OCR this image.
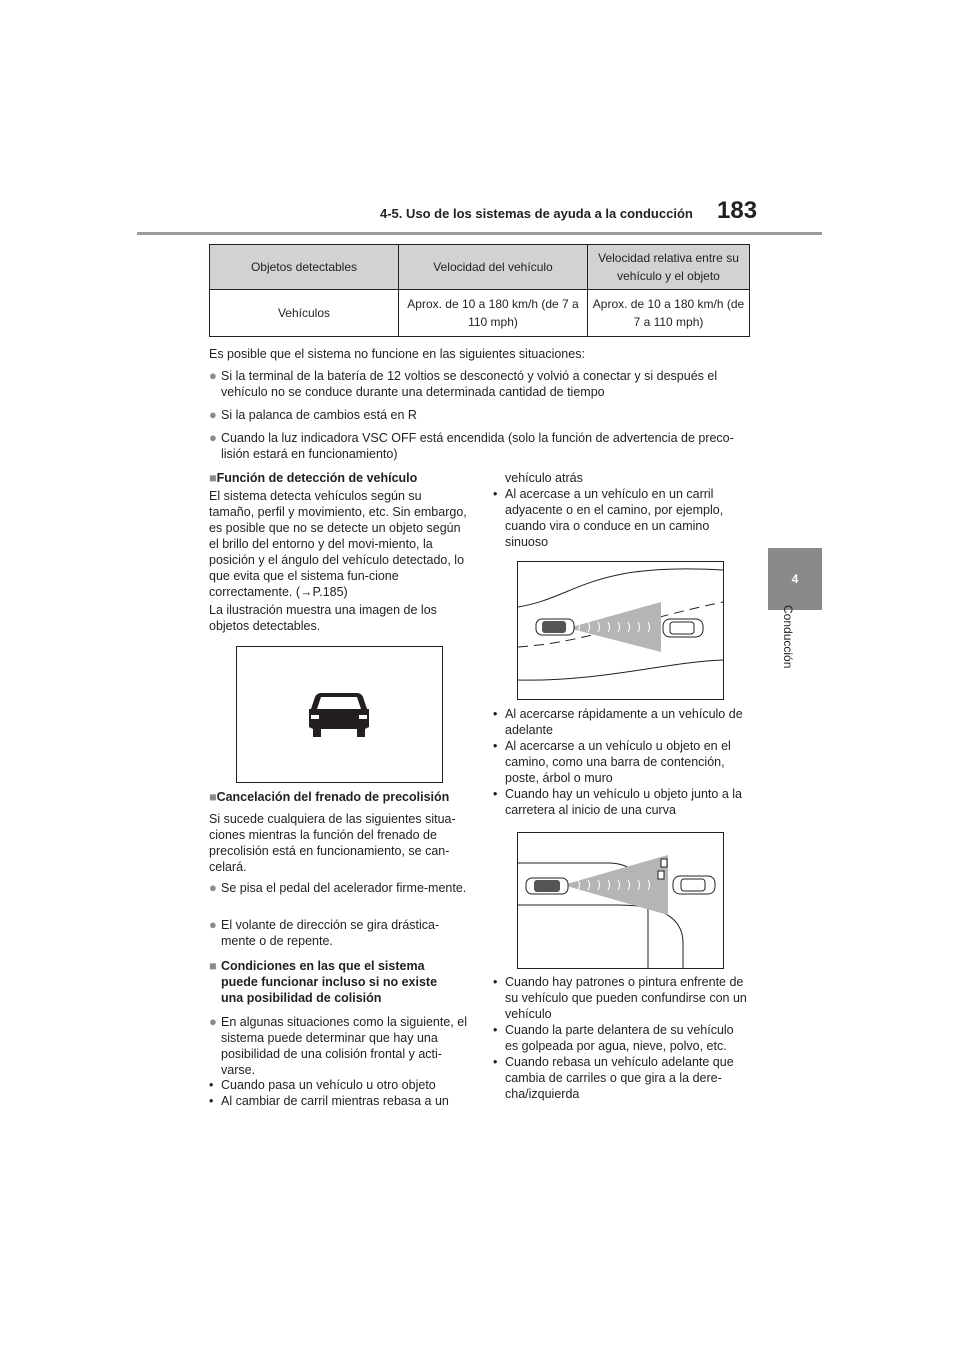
4-5. Uso de los sistemas de ayuda a la conducción 183
4
Conducción
Objetos detectables	Velocidad del vehículo	Velocidad relativa entre su vehículo y el objeto
Vehículos	Aprox. de 10 a 180 km/h (de 7 a 110 mph)	Aprox. de 10 a 180 km/h (de 7 a 110 mph)
Es posible que el sistema no funcione en las siguientes situaciones:
● Si la terminal de la batería de 12 voltios se desconectó y volvió a conectar y si después el vehículo no se conduce durante una determinada cantidad de tiempo
● Si la palanca de cambios está en R
● Cuando la luz indicadora VSC OFF está encendida (solo la función de advertencia de preco-lisión estará en funcionamiento)
■Función de detección de vehículo
El sistema detecta vehículos según su tamaño, perfil y movimiento, etc. Sin embargo, es posible que no se detecte un objeto según el brillo del entorno y del movi-miento, la posición y el ángulo del vehículo detectado, lo que evita que el sistema fun-cione correctamente. (→P.185)
La ilustración muestra una imagen de los objetos detectables.
■Cancelación del frenado de precolisión
Si sucede cualquiera de las siguientes situa-ciones mientras la función del frenado de precolisión está en funcionamiento, se can-celará.
● Se pisa el pedal del acelerador firme-mente.
● El volante de dirección se gira drástica-mente o de repente.
■ Condiciones en las que el sistema puede funcionar incluso si no existe una posibilidad de colisión
● En algunas situaciones como la siguiente, el sistema puede determinar que hay una posibilidad de una colisión frontal y acti-varse.
• Cuando pasa un vehículo u otro objeto
• Al cambiar de carril mientras rebasa a un
vehículo atrás
• Al acercase a un vehículo en un carril adyacente o en el camino, por ejemplo, cuando vira o conduce en un camino sinuoso
• Al acercarse rápidamente a un vehículo de adelante
• Al acercarse a un vehículo u objeto en el camino, como una barra de contención, poste, árbol o muro
• Cuando hay un vehículo u objeto junto a la carretera al inicio de una curva
• Cuando hay patrones o pintura enfrente de su vehículo que pueden confundirse con un vehículo
• Cuando la parte delantera de su vehículo es golpeada por agua, nieve, polvo, etc.
• Cuando rebasa un vehículo adelante que cambia de carriles o que gira a la dere-cha/izquierda
